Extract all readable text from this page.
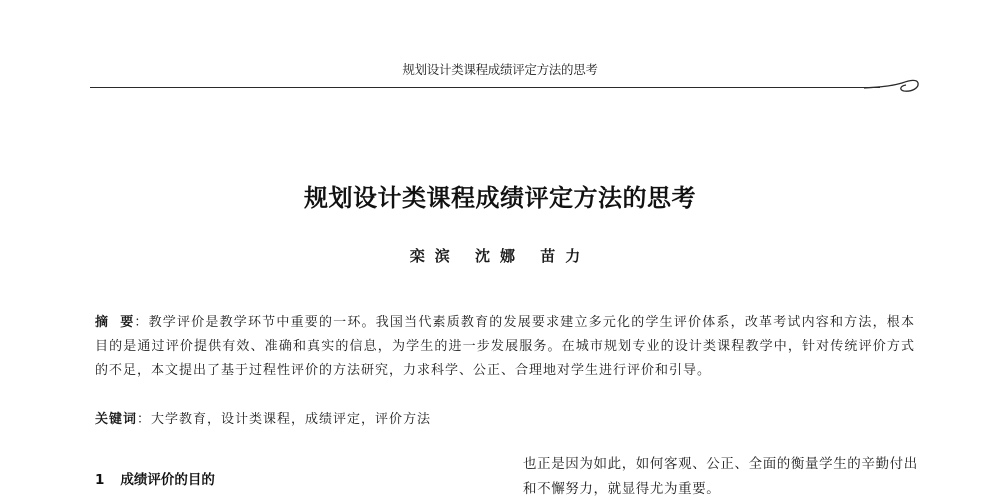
规划设计类课程成绩评定方法的思考
规划设计类课程成绩评定方法的思考
栾滨 沈娜 苗力

摘要：教学评价是教学环节中重要的一环。我国当代素质教育的发展要求建立多元化的学生评价体系，改革考试内容和方法，根本目的是通过评价提供有效、准确和真实的信息，为学生的进一步发展服务。在城市规划专业的设计类课程教学中，针对传统评价方式的不足，本文提出了基于过程性评价的方法研究，力求科学、公正、合理地对学生进行评价和引导。

关键词：大学教育，设计类课程，成绩评定，评价方法

1 成绩评价的目的

也正是因为如此，如何客观、公正、全面的衡量学生的辛勤付出和不懈努力，就显得尤为重要。
